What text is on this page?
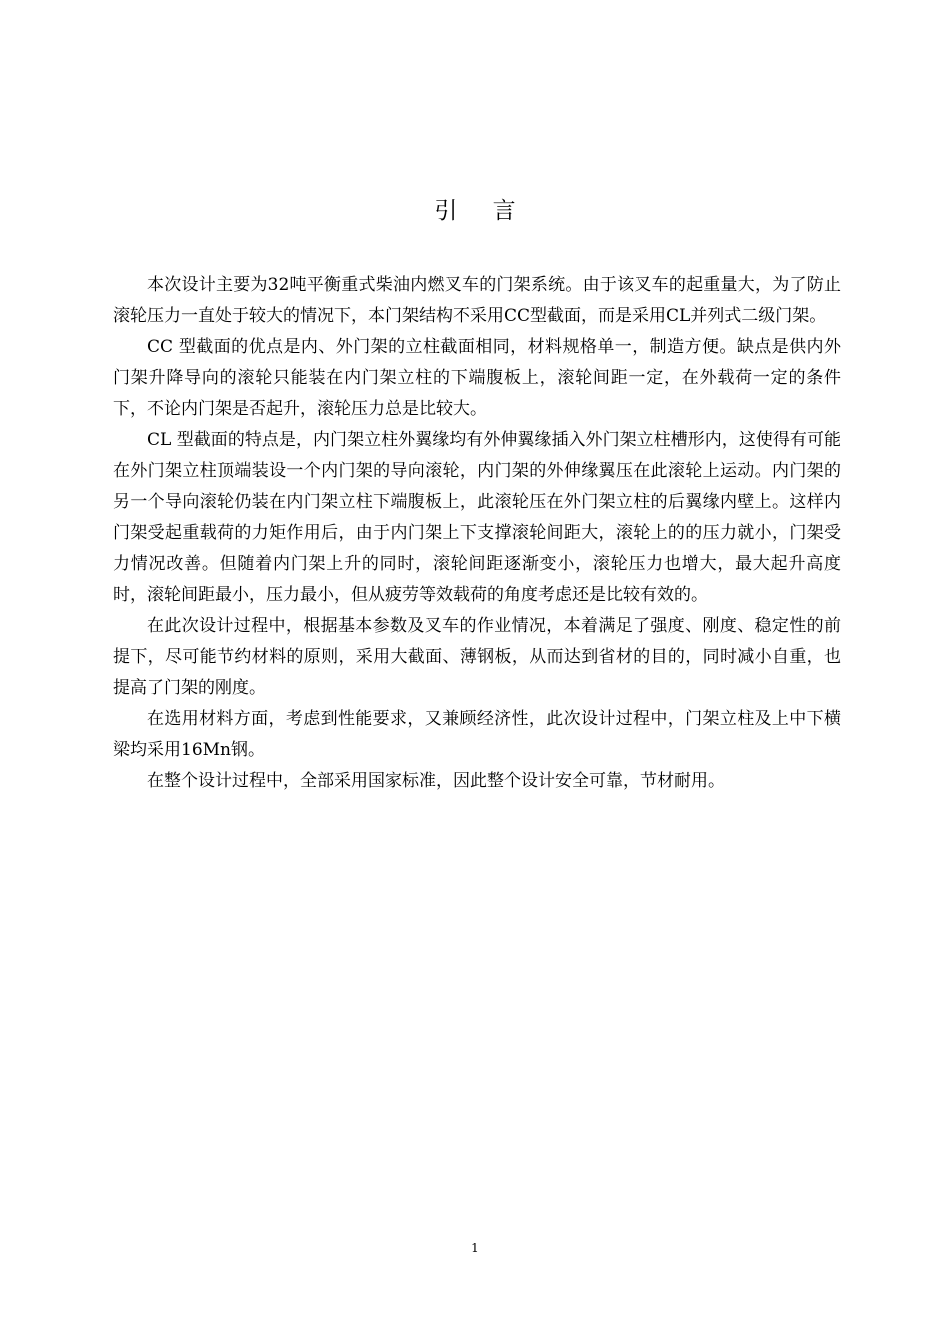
引 言

本次设计主要为32吨平衡重式柴油内燃叉车的门架系统。由于该叉车的起重量大，为了防止滚轮压力一直处于较大的情况下，本门架结构不采用CC型截面，而是采用CL并列式二级门架。

CC 型截面的优点是内、外门架的立柱截面相同，材料规格单一，制造方便。缺点是供内外门架升降导向的滚轮只能装在内门架立柱的下端腹板上，滚轮间距一定，在外载荷一定的条件下，不论内门架是否起升，滚轮压力总是比较大。

CL 型截面的特点是，内门架立柱外翼缘均有外伸翼缘插入外门架立柱槽形内，这使得有可能在外门架立柱顶端装设一个内门架的导向滚轮，内门架的外伸缘翼压在此滚轮上运动。内门架的另一个导向滚轮仍装在内门架立柱下端腹板上，此滚轮压在外门架立柱的后翼缘内壁上。这样内门架受起重载荷的力矩作用后，由于内门架上下支撑滚轮间距大，滚轮上的的压力就小，门架受力情况改善。但随着内门架上升的同时，滚轮间距逐渐变小，滚轮压力也增大，最大起升高度时，滚轮间距最小，压力最小，但从疲劳等效载荷的角度考虑还是比较有效的。

在此次设计过程中，根据基本参数及叉车的作业情况，本着满足了强度、刚度、稳定性的前提下，尽可能节约材料的原则，采用大截面、薄钢板，从而达到省材的目的，同时减小自重，也提高了门架的刚度。

在选用材料方面，考虑到性能要求，又兼顾经济性，此次设计过程中，门架立柱及上中下横梁均采用16Mn钢。

在整个设计过程中，全部采用国家标准，因此整个设计安全可靠，节材耐用。

1
